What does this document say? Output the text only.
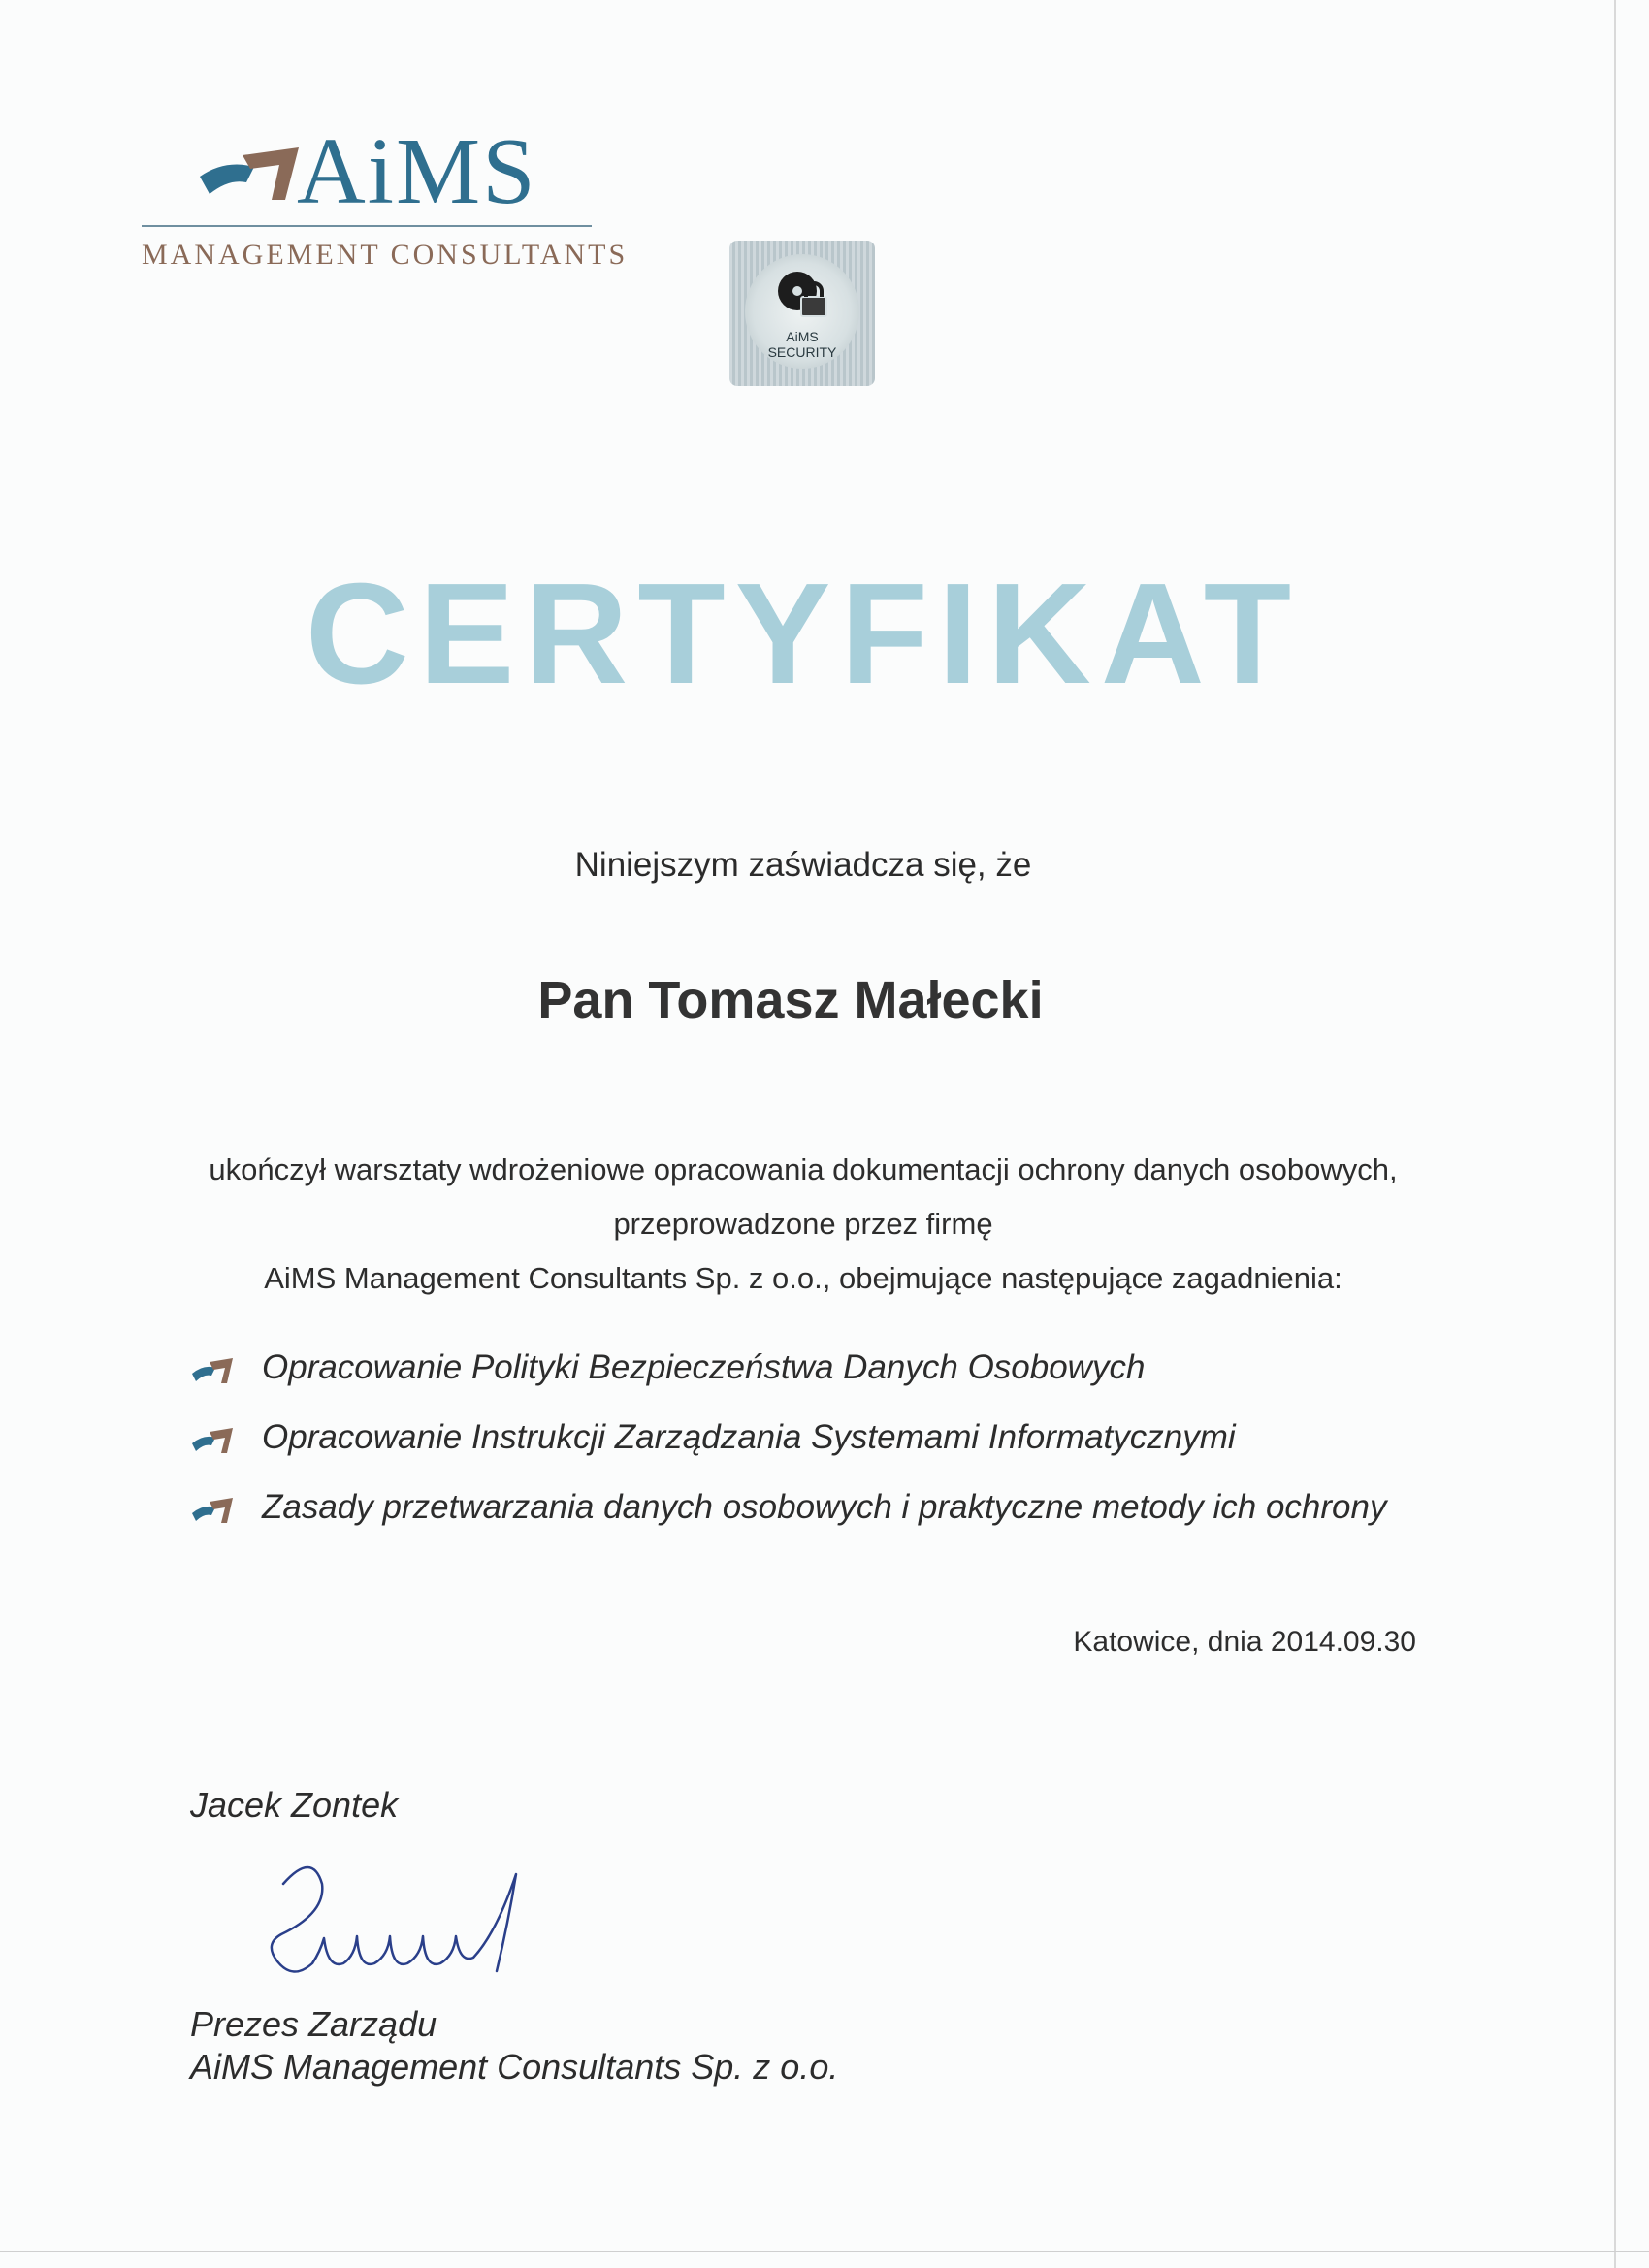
AiMS
MANAGEMENT CONSULTANTS
AiMS
SECURITY
CERTYFIKAT
Niniejszym zaświadcza się, że
Pan Tomasz Małecki
ukończył warsztaty wdrożeniowe opracowania dokumentacji ochrony danych osobowych,
przeprowadzone przez firmę
AiMS Management Consultants Sp. z o.o., obejmujące następujące zagadnienia:
Opracowanie Polityki Bezpieczeństwa Danych Osobowych
Opracowanie Instrukcji Zarządzania Systemami Informatycznymi
Zasady przetwarzania danych osobowych i praktyczne metody ich ochrony
Katowice, dnia 2014.09.30
Jacek Zontek
Prezes Zarządu
AiMS Management Consultants Sp. z o.o.
